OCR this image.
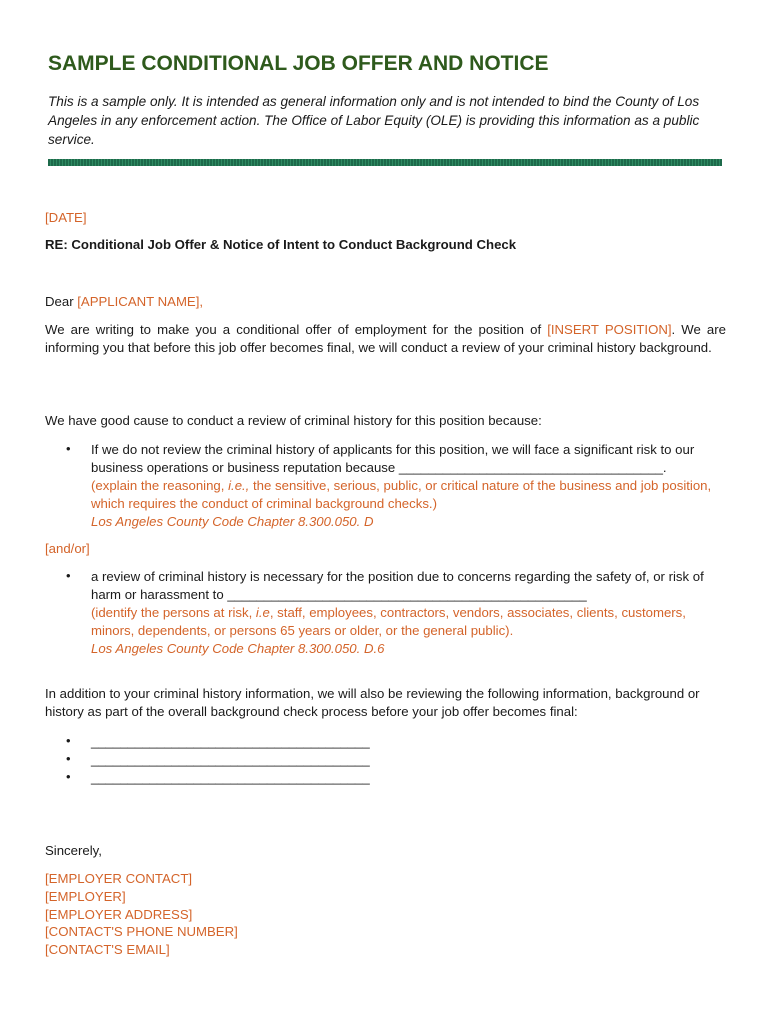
SAMPLE CONDITIONAL JOB OFFER AND NOTICE
This is a sample only. It is intended as general information only and is not intended to bind the County of Los Angeles in any enforcement action. The Office of Labor Equity (OLE) is providing this information as a public service.
[DATE]
RE: Conditional Job Offer & Notice of Intent to Conduct Background Check
Dear [APPLICANT NAME],
We are writing to make you a conditional offer of employment for the position of [INSERT POSITION]. We are informing you that before this job offer becomes final, we will conduct a review of your criminal history background.
We have good cause to conduct a review of criminal history for this position because:
• If we do not review the criminal history of applicants for this position, we will face a significant risk to our business operations or business reputation because ____________________________________.
(explain the reasoning, i.e., the sensitive, serious, public, or critical nature of the business and job position, which requires the conduct of criminal background checks.)
Los Angeles County Code Chapter 8.300.050. D
[and/or]
• a review of criminal history is necessary for the position due to concerns regarding the safety of, or risk of harm or harassment to _________________________________________________
(identify the persons at risk, i.e, staff, employees, contractors, vendors, associates, clients, customers, minors, dependents, or persons 65 years or older, or the general public).
Los Angeles County Code Chapter 8.300.050. D.6
In addition to your criminal history information, we will also be reviewing the following information, background or history as part of the overall background check process before your job offer becomes final:
• ______________________________________
• ______________________________________
• ______________________________________
Sincerely,
[EMPLOYER CONTACT]
[EMPLOYER]
[EMPLOYER ADDRESS]
[CONTACT'S PHONE NUMBER]
[CONTACT'S EMAIL]
